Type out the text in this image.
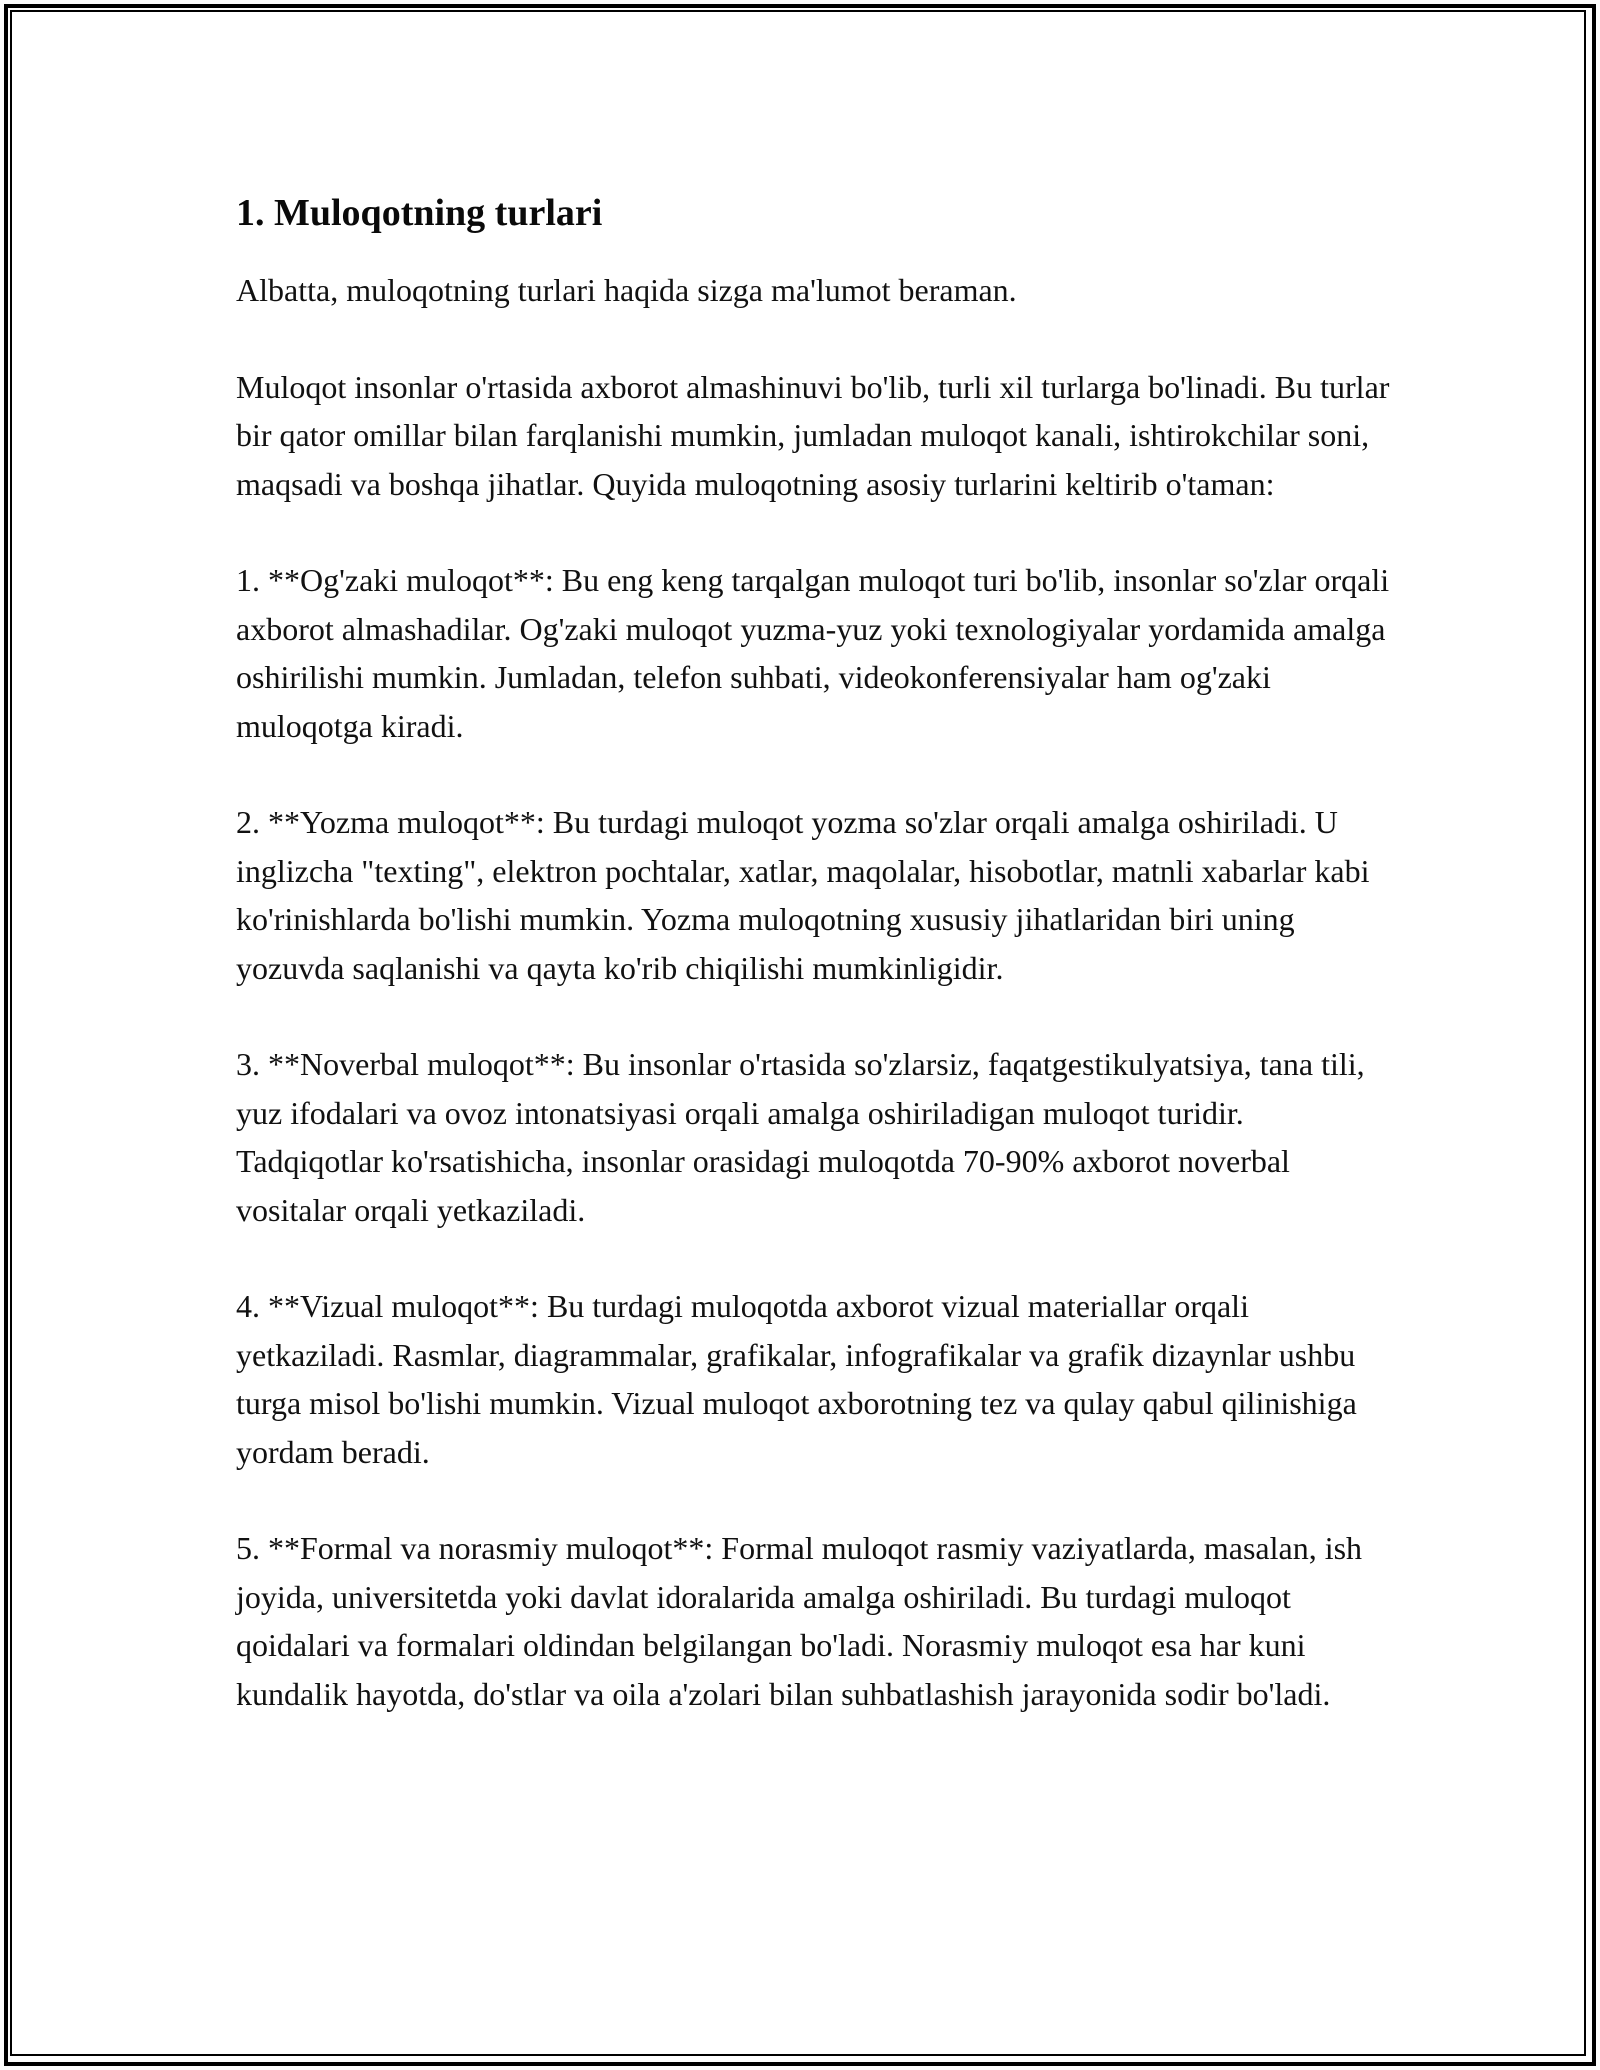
1. Muloqotning turlari

Albatta, muloqotning turlari haqida sizga ma'lumot beraman.

Muloqot insonlar o'rtasida axborot almashinuvi bo'lib, turli xil turlarga bo'linadi. Bu turlar bir qator omillar bilan farqlanishi mumkin, jumladan muloqot kanali, ishtirokchilar soni, maqsadi va boshqa jihatlar. Quyida muloqotning asosiy turlarini keltirib o'taman:

1. **Og'zaki muloqot**: Bu eng keng tarqalgan muloqot turi bo'lib, insonlar so'zlar orqali axborot almashadilar. Og'zaki muloqot yuzma-yuz yoki texnologiyalar yordamida amalga oshirilishi mumkin. Jumladan, telefon suhbati, videokonferensiyalar ham og'zaki muloqotga kiradi.

2. **Yozma muloqot**: Bu turdagi muloqot yozma so'zlar orqali amalga oshiriladi. U inglizcha "texting", elektron pochtalar, xatlar, maqolalar, hisobotlar, matnli xabarlar kabi ko'rinishlarda bo'lishi mumkin. Yozma muloqotning xususiy jihatlaridan biri uning yozuvda saqlanishi va qayta ko'rib chiqilishi mumkinligidir.

3. **Noverbal muloqot**: Bu insonlar o'rtasida so'zlarsiz, faqatgestikulyatsiya, tana tili, yuz ifodalari va ovoz intonatsiyasi orqali amalga oshiriladigan muloqot turidir. Tadqiqotlar ko'rsatishicha, insonlar orasidagi muloqotda 70-90% axborot noverbal vositalar orqali yetkaziladi.

4. **Vizual muloqot**: Bu turdagi muloqotda axborot vizual materiallar orqali yetkaziladi. Rasmlar, diagrammalar, grafikalar, infografikalar va grafik dizaynlar ushbu turga misol bo'lishi mumkin. Vizual muloqot axborotning tez va qulay qabul qilinishiga yordam beradi.

5. **Formal va norasmiy muloqot**: Formal muloqot rasmiy vaziyatlarda, masalan, ish joyida, universitetda yoki davlat idoralarida amalga oshiriladi. Bu turdagi muloqot qoidalari va formalari oldindan belgilangan bo'ladi. Norasmiy muloqot esa har kuni kundalik hayotda, do'stlar va oila a'zolari bilan suhbatlashish jarayonida sodir bo'ladi.
